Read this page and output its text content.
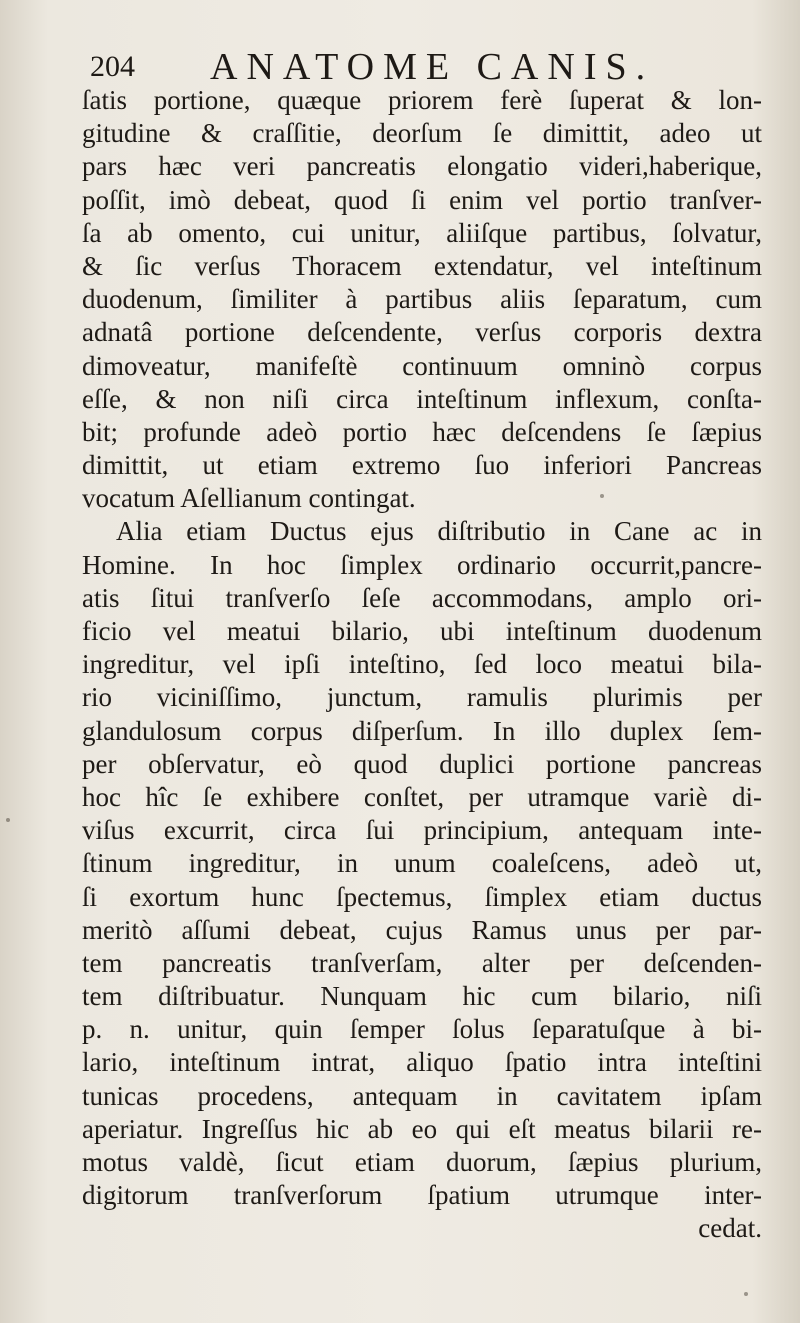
204	ANATOME CANIS.
ſatis portione, quæque priorem ferè ſuperat & lon-
gitudine & craſſitie, deorſum ſe dimittit, adeo ut
pars hæc veri pancreatis elongatio videri,haberique,
poſſit, imò debeat, quod ſi enim vel portio tranſver-
ſa ab omento, cui unitur, aliiſque partibus, ſolvatur,
& ſic verſus Thoracem extendatur, vel inteſtinum
duodenum, ſimiliter à partibus aliis ſeparatum, cum
adnatâ portione deſcendente, verſus corporis dextra
dimoveatur, manifeſtè continuum omninò corpus
eſſe, & non niſi circa inteſtinum inflexum, conſta-
bit; profunde adeò portio hæc deſcendens ſe ſæpius
dimittit, ut etiam extremo ſuo inferiori Pancreas
vocatum Aſellianum contingat.
Alia etiam Ductus ejus diſtributio in Cane ac in
Homine. In hoc ſimplex ordinario occurrit,pancre-
atis ſitui tranſverſo ſeſe accommodans, amplo ori-
ficio vel meatui bilario, ubi inteſtinum duodenum
ingreditur, vel ipſi inteſtino, ſed loco meatui bila-
rio viciniſſimo, junctum, ramulis plurimis per
glandulosum corpus diſperſum. In illo duplex ſem-
per obſervatur, eò quod duplici portione pancreas
hoc hîc ſe exhibere conſtet, per utramque variè di-
viſus excurrit, circa ſui principium, antequam inte-
ſtinum ingreditur, in unum coaleſcens, adeò ut,
ſi exortum hunc ſpectemus, ſimplex etiam ductus
meritò aſſumi debeat, cujus Ramus unus per par-
tem pancreatis tranſverſam, alter per deſcenden-
tem diſtribuatur. Nunquam hic cum bilario, niſi
p. n. unitur, quin ſemper ſolus ſeparatuſque à bi-
lario, inteſtinum intrat, aliquo ſpatio intra inteſtini
tunicas procedens, antequam in cavitatem ipſam
aperiatur. Ingreſſus hic ab eo qui eſt meatus bilarii re-
motus valdè, ſicut etiam duorum, ſæpius plurium,
digitorum tranſverſorum ſpatium utrumque inter-
cedat.
